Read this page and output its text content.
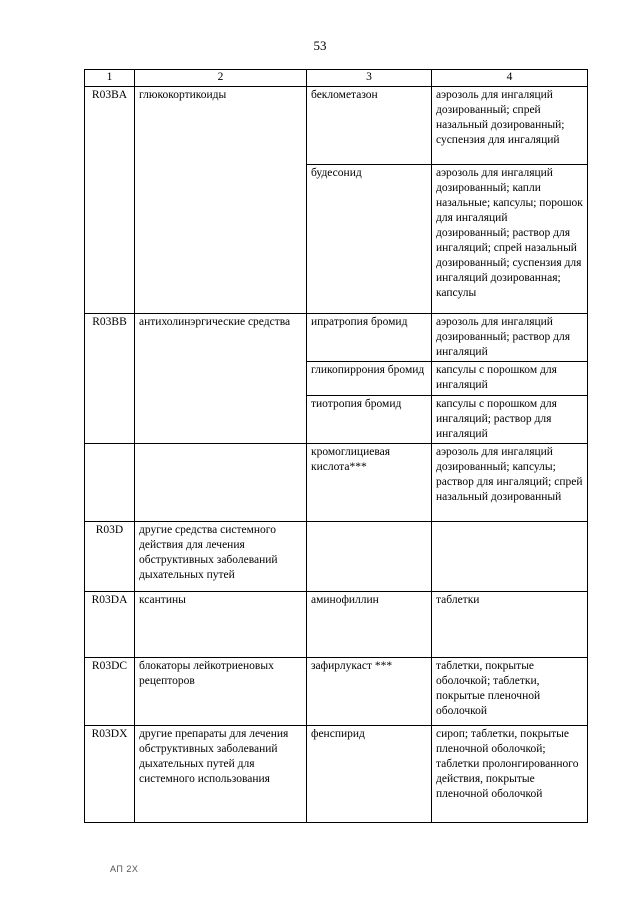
53
1	2	3	4
R03BA	глюкокортикоиды	беклометазон	аэрозоль для ингаляций дозированный; спрей назальный дозированный; суспензия для ингаляций
		будесонид	аэрозоль для ингаляций дозированный; капли назальные; капсулы; порошок для ингаляций дозированный; раствор для ингаляций; спрей назальный дозированный; суспензия для ингаляций дозированная; капсулы
R03BB	антихолинэргические средства	ипратропия бромид	аэрозоль для ингаляций дозированный; раствор для ингаляций
		гликопиррония бромид	капсулы с порошком для ингаляций
		тиотропия бромид	капсулы с порошком для ингаляций; раствор для ингаляций
		кромоглициевая кислота***	аэрозоль для ингаляций дозированный; капсулы; раствор для ингаляций; спрей назальный дозированный
R03D	другие средства системного действия для лечения обструктивных заболеваний дыхательных путей		
R03DA	ксантины	аминофиллин	таблетки
R03DC	блокаторы лейкотриеновых рецепторов	зафирлукаст ***	таблетки, покрытые оболочкой; таблетки, покрытые пленочной оболочкой
R03DX	другие препараты для лечения обструктивных заболеваний дыхательных путей для системного использования	фенспирид	сироп; таблетки, покрытые пленочной оболочкой; таблетки пролонгированного действия, покрытые пленочной оболочкой
АП 2Х
